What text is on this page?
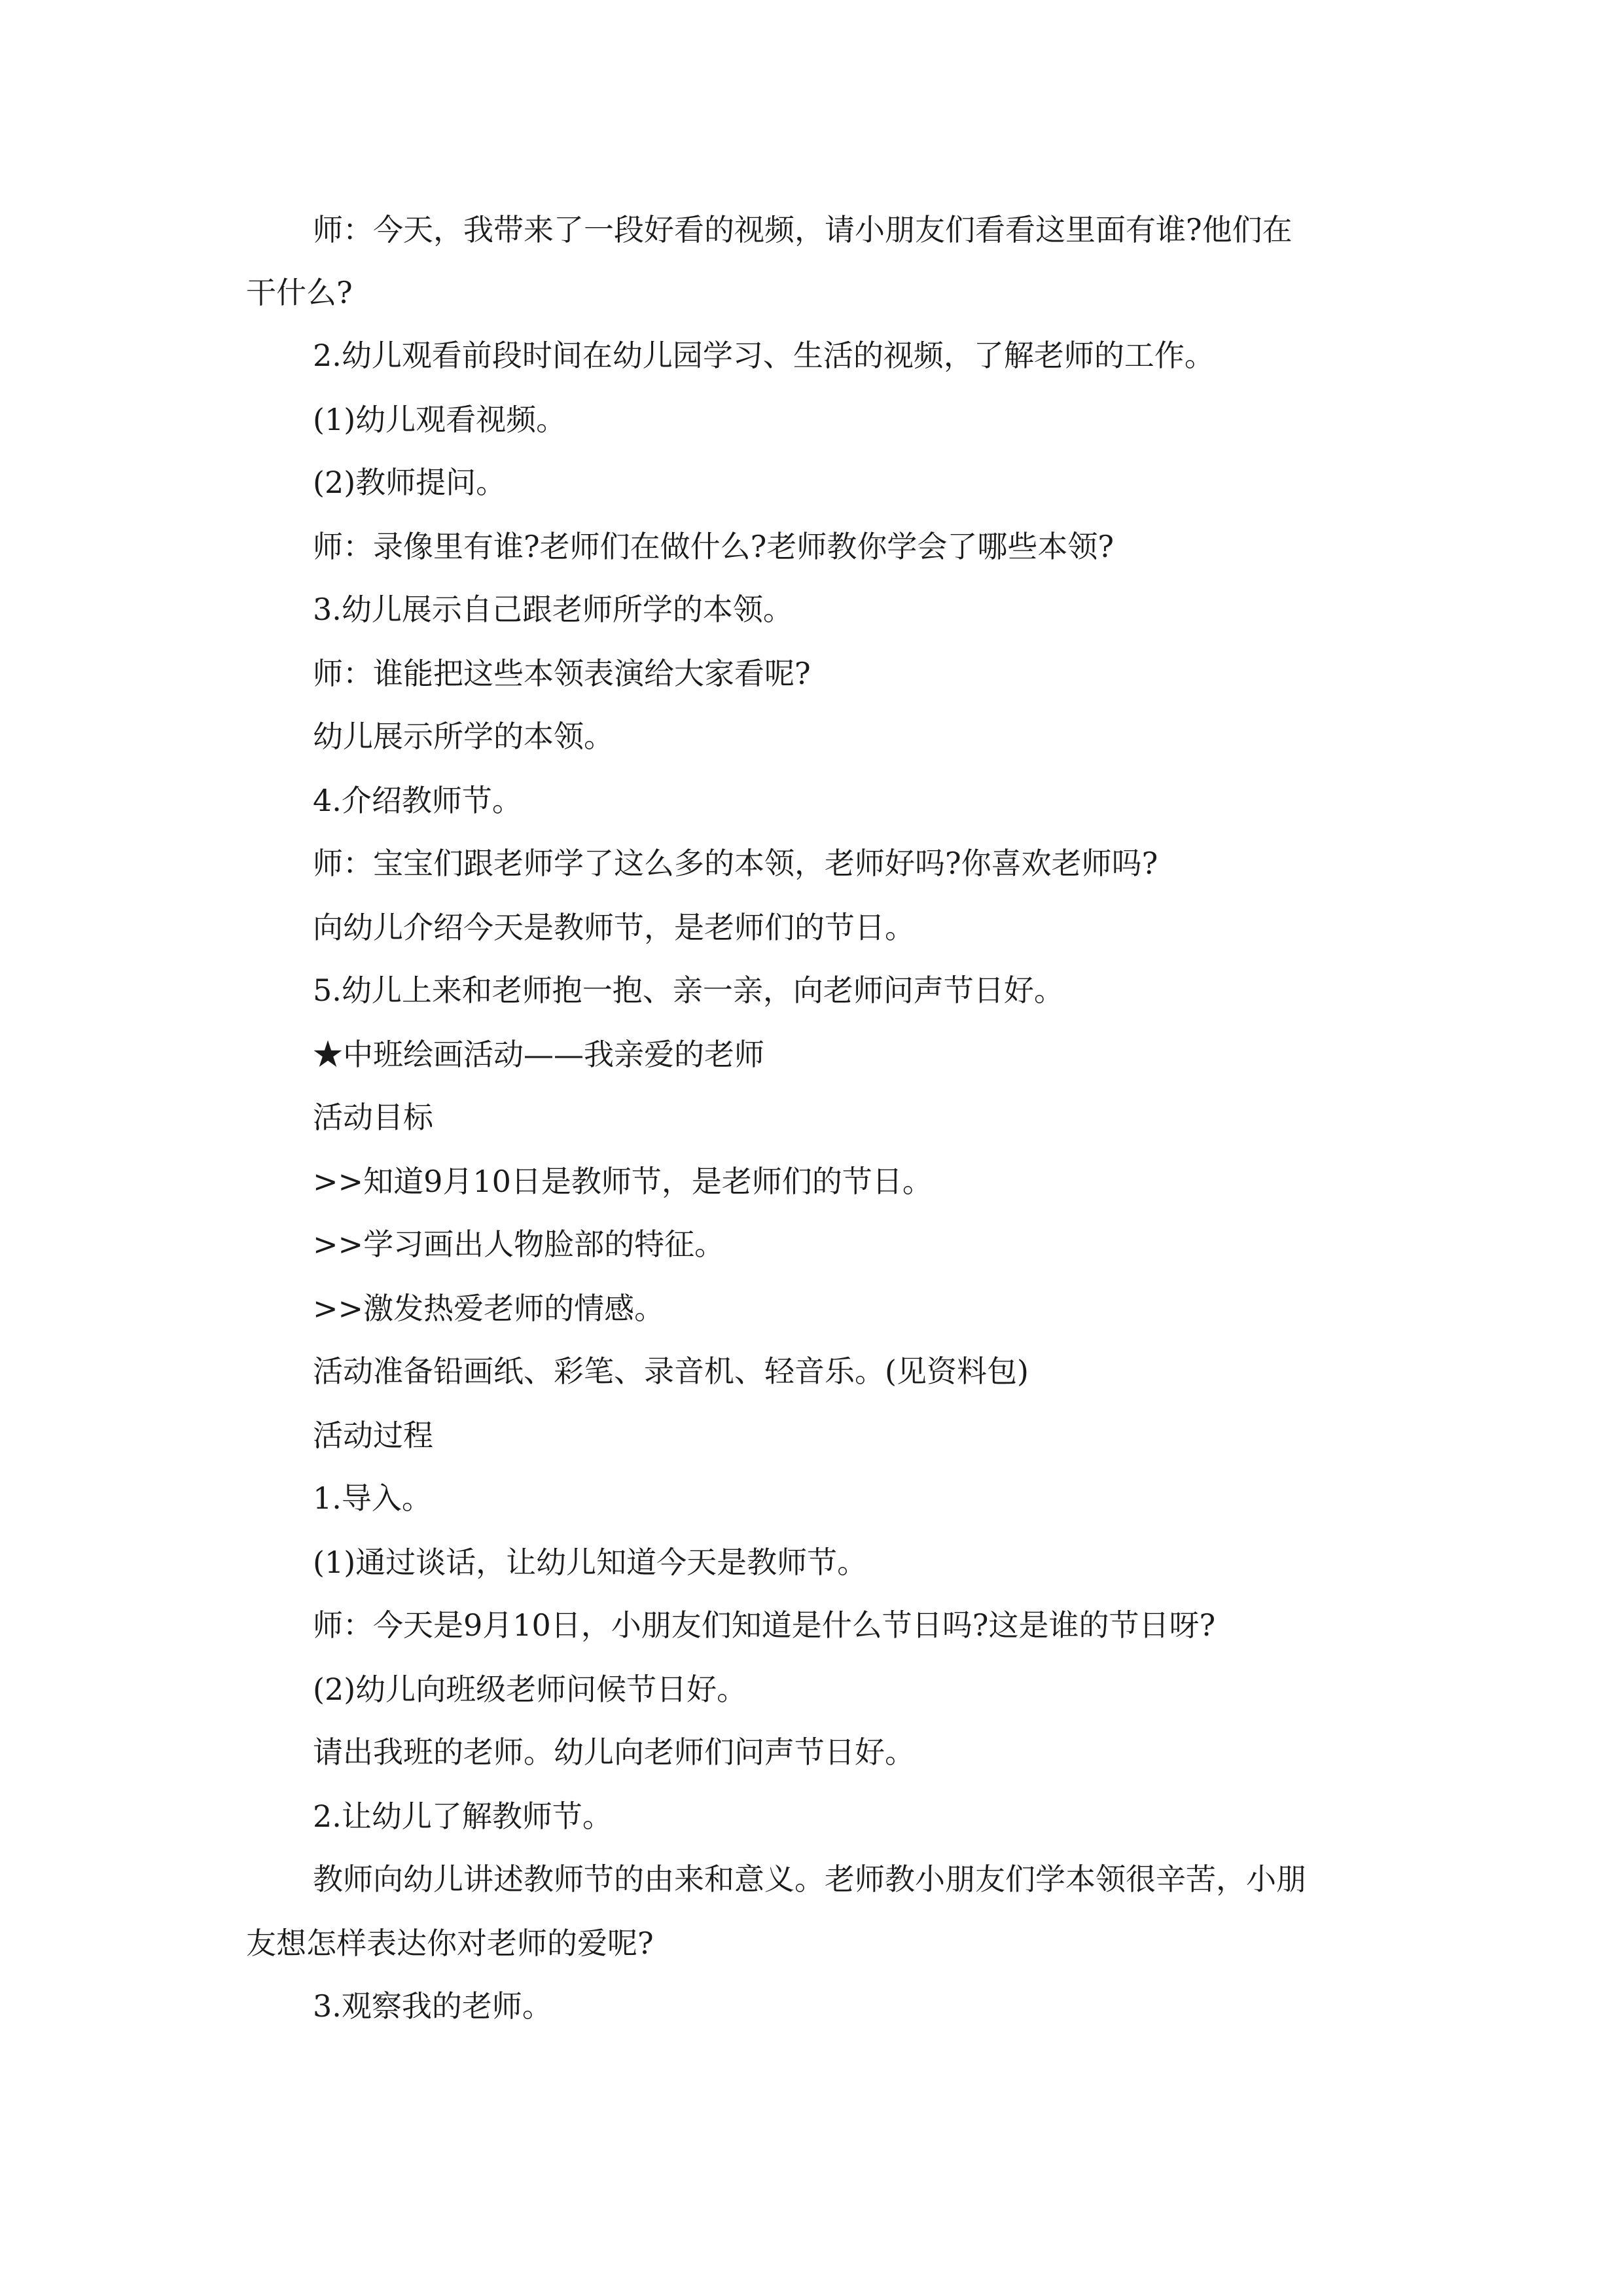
师：今天，我带来了一段好看的视频，请小朋友们看看这里面有谁?他们在
干什么?
2.幼儿观看前段时间在幼儿园学习、生活的视频，了解老师的工作。
(1)幼儿观看视频。
(2)教师提问。
师：录像里有谁?老师们在做什么?老师教你学会了哪些本领?
3.幼儿展示自己跟老师所学的本领。
师：谁能把这些本领表演给大家看呢?
幼儿展示所学的本领。
4.介绍教师节。
师：宝宝们跟老师学了这么多的本领，老师好吗?你喜欢老师吗?
向幼儿介绍今天是教师节，是老师们的节日。
5.幼儿上来和老师抱一抱、亲一亲，向老师问声节日好。
★中班绘画活动——我亲爱的老师
活动目标
>>知道9月10日是教师节，是老师们的节日。
>>学习画出人物脸部的特征。
>>激发热爱老师的情感。
活动准备铅画纸、彩笔、录音机、轻音乐。(见资料包)
活动过程
1.导入。
(1)通过谈话，让幼儿知道今天是教师节。
师：今天是9月10日，小朋友们知道是什么节日吗?这是谁的节日呀?
(2)幼儿向班级老师问候节日好。
请出我班的老师。幼儿向老师们问声节日好。
2.让幼儿了解教师节。
教师向幼儿讲述教师节的由来和意义。老师教小朋友们学本领很辛苦，小朋
友想怎样表达你对老师的爱呢?
3.观察我的老师。
